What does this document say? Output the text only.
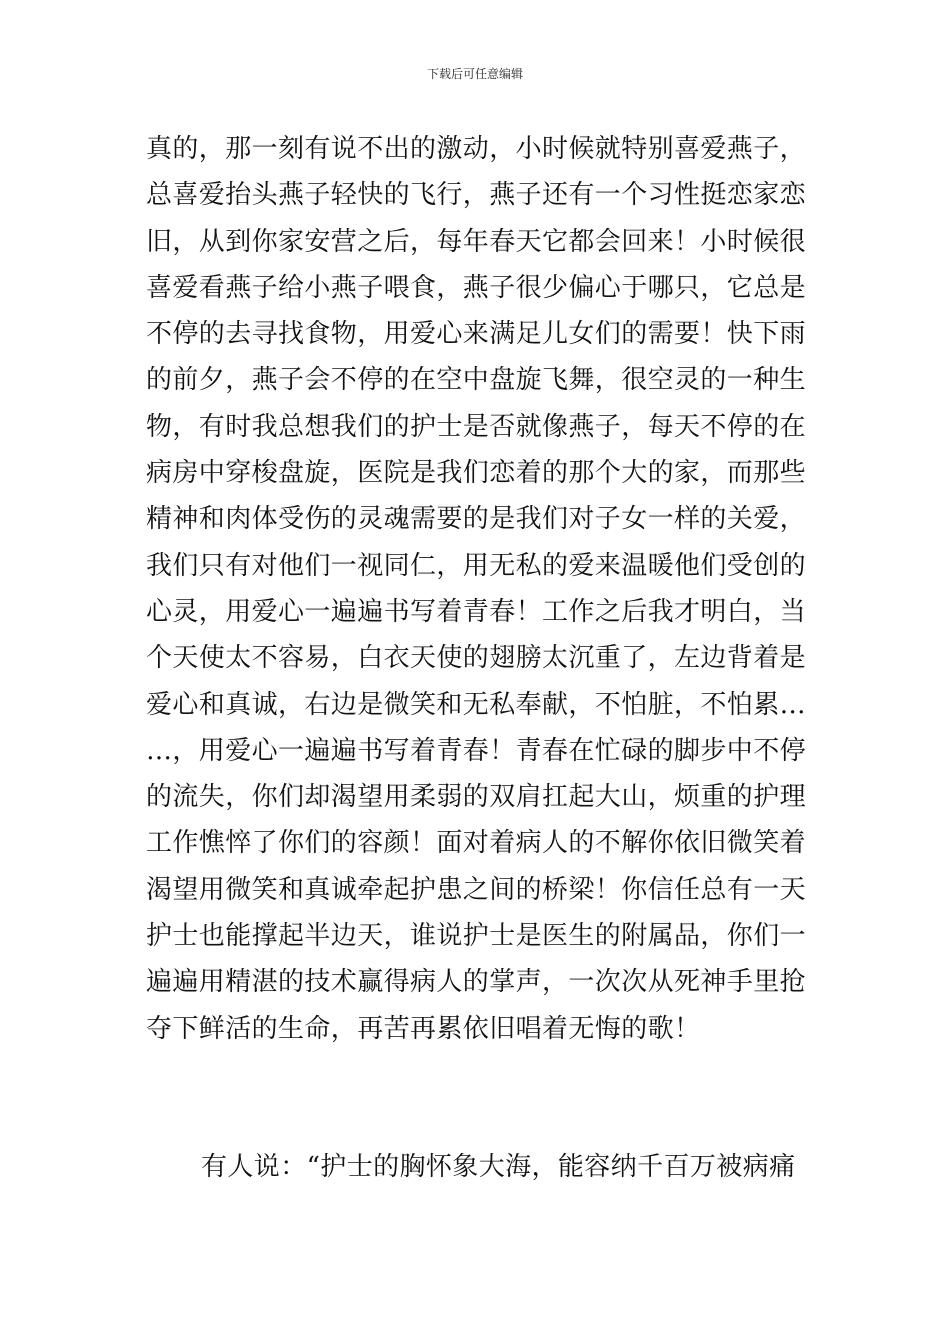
下载后可任意编辑
真的，那一刻有说不出的激动，小时候就特别喜爱燕子，
总喜爱抬头燕子轻快的飞行，燕子还有一个习性挺恋家恋
旧，从到你家安营之后，每年春天它都会回来！小时候很
喜爱看燕子给小燕子喂食，燕子很少偏心于哪只，它总是
不停的去寻找食物，用爱心来满足儿女们的需要！快下雨
的前夕，燕子会不停的在空中盘旋飞舞，很空灵的一种生
物，有时我总想我们的护士是否就像燕子，每天不停的在
病房中穿梭盘旋，医院是我们恋着的那个大的家，而那些
精神和肉体受伤的灵魂需要的是我们对子女一样的关爱，
我们只有对他们一视同仁，用无私的爱来温暖他们受创的
心灵，用爱心一遍遍书写着青春！工作之后我才明白，当
个天使太不容易，白衣天使的翅膀太沉重了，左边背着是
爱心和真诚，右边是微笑和无私奉献，不怕脏，不怕累…
…，用爱心一遍遍书写着青春！青春在忙碌的脚步中不停
的流失，你们却渴望用柔弱的双肩扛起大山，烦重的护理
工作憔悴了你们的容颜！面对着病人的不解你依旧微笑着
渴望用微笑和真诚牵起护患之间的桥梁！你信任总有一天
护士也能撑起半边天，谁说护士是医生的附属品，你们一
遍遍用精湛的技术赢得病人的掌声，一次次从死神手里抢
夺下鲜活的生命，再苦再累依旧唱着无悔的歌！
有人说：“护士的胸怀象大海，能容纳千百万被病痛
